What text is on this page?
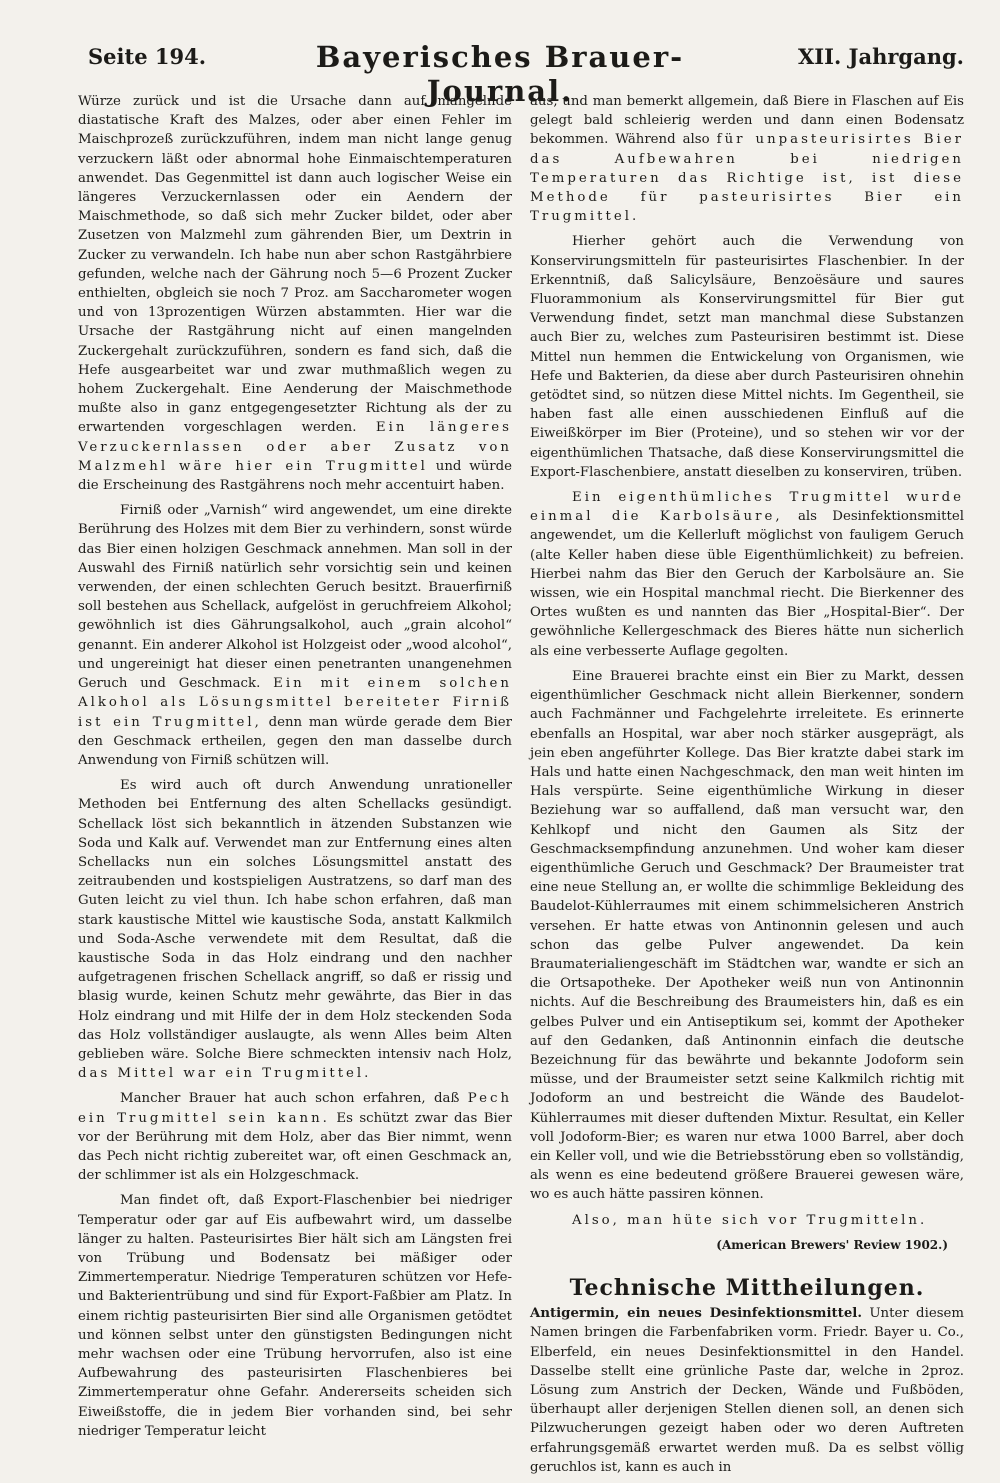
Seite 194.	Bayerisches Brauer-Journal.
XII. Jahrgang.

Würze zurück und ist die Ursache dann auf mangelnde diastatische Kraft des Malzes, oder aber einen Fehler im Maischprozeß zurückzuführen, indem man nicht lange genug verzuckern läßt oder abnormal hohe Einmaischtemperaturen anwendet. Das Gegenmittel ist dann auch logischer Weise ein längeres Verzuckernlassen oder ein Aendern der Maischmethode, so daß sich mehr Zucker bildet, oder aber Zusetzen von Malzmehl zum gährenden Bier, um Dextrin in Zucker zu verwandeln. Ich habe nun aber schon Rastgährbiere gefunden, welche nach der Gährung noch 5—6 Prozent Zucker enthielten, obgleich sie noch 7 Proz. am Saccharometer wogen und von 13prozentigen Würzen abstammten. Hier war die Ursache der Rastgährung nicht auf einen mangelnden Zuckergehalt zurückzuführen, sondern es fand sich, daß die Hefe ausgearbeitet war und zwar muthmaßlich wegen zu hohem Zuckergehalt. Eine Aenderung der Maischmethode mußte also in ganz entgegengesetzter Richtung als der zu erwartenden vorgeschlagen werden. Ein längeres Verzuckernlassen oder aber Zusatz von Malzmehl wäre hier ein Trugmittel und würde die Erscheinung des Rastgährens noch mehr accentuirt haben.

Firniß oder „Varnish“ wird angewendet, um eine direkte Berührung des Holzes mit dem Bier zu verhindern, sonst würde das Bier einen holzigen Geschmack annehmen. Man soll in der Auswahl des Firniß natürlich sehr vorsichtig sein und keinen verwenden, der einen schlechten Geruch besitzt. Brauerfirniß soll bestehen aus Schellack, aufgelöst in geruchfreiem Alkohol; gewöhnlich ist dies Gährungsalkohol, auch „grain alcohol“ genannt. Ein anderer Alkohol ist Holzgeist oder „wood alcohol“, und ungereinigt hat dieser einen penetranten unangenehmen Geruch und Geschmack. Ein mit einem solchen Alkohol als Lösungsmittel bereiteter Firniß ist ein Trugmittel, denn man würde gerade dem Bier den Geschmack ertheilen, gegen den man dasselbe durch Anwendung von Firniß schützen will.

Es wird auch oft durch Anwendung unrationeller Methoden bei Entfernung des alten Schellacks gesündigt. Schellack löst sich bekanntlich in ätzenden Substanzen wie Soda und Kalk auf. Verwendet man zur Entfernung eines alten Schellacks nun ein solches Lösungsmittel anstatt des zeitraubenden und kostspieligen Austratzens, so darf man des Guten leicht zu viel thun. Ich habe schon erfahren, daß man stark kaustische Mittel wie kaustische Soda, anstatt Kalkmilch und Soda-Asche verwendete mit dem Resultat, daß die kaustische Soda in das Holz eindrang und den nachher aufgetragenen frischen Schellack angriff, so daß er rissig und blasig wurde, keinen Schutz mehr gewährte, das Bier in das Holz eindrang und mit Hilfe der in dem Holz steckenden Soda das Holz vollständiger auslaugte, als wenn Alles beim Alten geblieben wäre. Solche Biere schmeckten intensiv nach Holz, das Mittel war ein Trugmittel.

Mancher Brauer hat auch schon erfahren, daß Pech ein Trugmittel sein kann. Es schützt zwar das Bier vor der Berührung mit dem Holz, aber das Bier nimmt, wenn das Pech nicht richtig zubereitet war, oft einen Geschmack an, der schlimmer ist als ein Holzgeschmack.

Man findet oft, daß Export-Flaschenbier bei niedriger Temperatur oder gar auf Eis aufbewahrt wird, um dasselbe länger zu halten. Pasteurisirtes Bier hält sich am Längsten frei von Trübung und Bodensatz bei mäßiger oder Zimmertemperatur. Niedrige Temperaturen schützen vor Hefe- und Bakterientrübung und sind für Export-Faßbier am Platz. In einem richtig pasteurisirten Bier sind alle Organismen getödtet und können selbst unter den günstigsten Bedingungen nicht mehr wachsen oder eine Trübung hervorrufen, also ist eine Aufbewahrung des pasteurisirten Flaschenbieres bei Zimmertemperatur ohne Gefahr. Andererseits scheiden sich Eiweißstoffe, die in jedem Bier vorhanden sind, bei sehr niedriger Temperatur leicht

aus, und man bemerkt allgemein, daß Biere in Flaschen auf Eis gelegt bald schleierig werden und dann einen Bodensatz bekommen. Während also für unpasteurisirtes Bier das Aufbewahren bei niedrigen Temperaturen das Richtige ist, ist diese Methode für pasteurisirtes Bier ein Trugmittel.

Hierher gehört auch die Verwendung von Konservirungsmitteln für pasteurisirtes Flaschenbier. In der Erkenntniß, daß Salicylsäure, Benzoësäure und saures Fluorammonium als Konservirungsmittel für Bier gut Verwendung findet, setzt man manchmal diese Substanzen auch Bier zu, welches zum Pasteurisiren bestimmt ist. Diese Mittel nun hemmen die Entwickelung von Organismen, wie Hefe und Bakterien, da diese aber durch Pasteurisiren ohnehin getödtet sind, so nützen diese Mittel nichts. Im Gegentheil, sie haben fast alle einen ausschiedenen Einfluß auf die Eiweißkörper im Bier (Proteine), und so stehen wir vor der eigenthümlichen Thatsache, daß diese Konservirungsmittel die Export-Flaschenbiere, anstatt dieselben zu konserviren, trüben.

Ein eigenthümliches Trugmittel wurde einmal die Karbolsäure, als Desinfektionsmittel angewendet, um die Kellerluft möglichst von fauligem Geruch (alte Keller haben diese üble Eigenthümlichkeit) zu befreien. Hierbei nahm das Bier den Geruch der Karbolsäure an. Sie wissen, wie ein Hospital manchmal riecht. Die Bierkenner des Ortes wußten es und nannten das Bier „Hospital-Bier“. Der gewöhnliche Kellergeschmack des Bieres hätte nun sicherlich als eine verbesserte Auflage gegolten.

Eine Brauerei brachte einst ein Bier zu Markt, dessen eigenthümlicher Geschmack nicht allein Bierkenner, sondern auch Fachmänner und Fachgelehrte irreleitete. Es erinnerte ebenfalls an Hospital, war aber noch stärker ausgeprägt, als jein eben angeführter Kollege. Das Bier kratzte dabei stark im Hals und hatte einen Nachgeschmack, den man weit hinten im Hals verspürte. Seine eigenthümliche Wirkung in dieser Beziehung war so auffallend, daß man versucht war, den Kehlkopf und nicht den Gaumen als Sitz der Geschmacksempfindung anzunehmen. Und woher kam dieser eigenthümliche Geruch und Geschmack? Der Braumeister trat eine neue Stellung an, er wollte die schimmlige Bekleidung des Baudelot-Kühlerraumes mit einem schimmelsicheren Anstrich versehen. Er hatte etwas von Antinonnin gelesen und auch schon das gelbe Pulver angewendet. Da kein Braumaterialiengeschäft im Städtchen war, wandte er sich an die Ortsapotheke. Der Apotheker weiß nun von Antinonnin nichts. Auf die Beschreibung des Braumeisters hin, daß es ein gelbes Pulver und ein Antiseptikum sei, kommt der Apotheker auf den Gedanken, daß Antinonnin einfach die deutsche Bezeichnung für das bewährte und bekannte Jodoform sein müsse, und der Braumeister setzt seine Kalkmilch richtig mit Jodoform an und bestreicht die Wände des Baudelot-Kühlerraumes mit dieser duftenden Mixtur. Resultat, ein Keller voll Jodoform-Bier; es waren nur etwa 1000 Barrel, aber doch ein Keller voll, und wie die Betriebsstörung eben so vollständig, als wenn es eine bedeutend größere Brauerei gewesen wäre, wo es auch hätte passiren können.

Also, man hüte sich vor Trugmitteln.

(American Brewers' Review 1902.)
Technische Mittheilungen.

Antigermin, ein neues Desinfektionsmittel. Unter diesem Namen bringen die Farbenfabriken vorm. Friedr. Bayer u. Co., Elberfeld, ein neues Desinfektionsmittel in den Handel. Dasselbe stellt eine grünliche Paste dar, welche in 2proz. Lösung zum Anstrich der Decken, Wände und Fußböden, überhaupt aller derjenigen Stellen dienen soll, an denen sich Pilzwucherungen gezeigt haben oder wo deren Auftreten erfahrungsgemäß erwartet werden muß. Da es selbst völlig geruchlos ist, kann es auch in
